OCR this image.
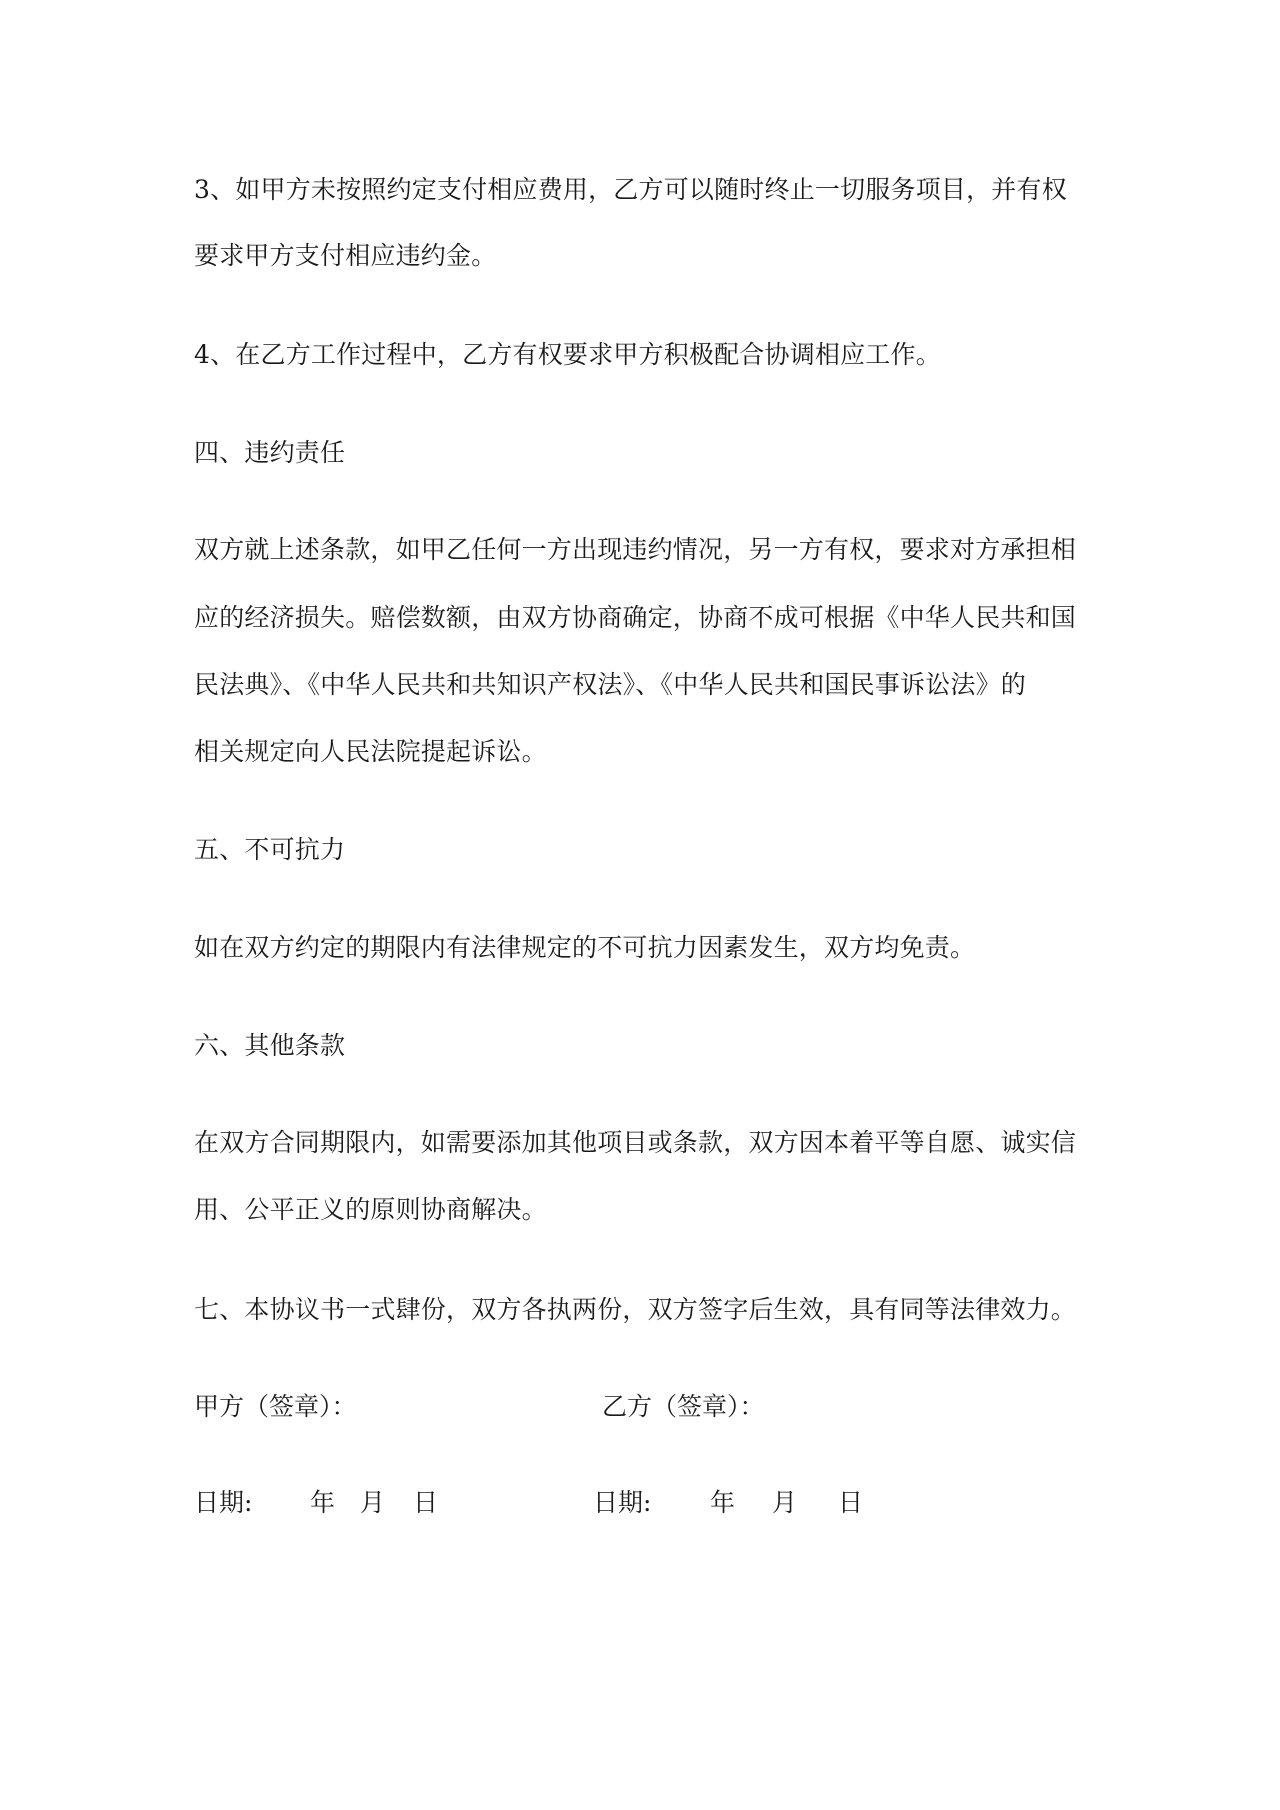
3、如甲方未按照约定支付相应费用，乙方可以随时终止一切服务项目，并有权

要求甲方支付相应违约金。

4、在乙方工作过程中，乙方有权要求甲方积极配合协调相应工作。

四、违约责任

双方就上述条款，如甲乙任何一方出现违约情况，另一方有权，要求对方承担相

应的经济损失。赔偿数额，由双方协商确定，协商不成可根据《中华人民共和国

民法典》、《中华人民共和共知识产权法》、《中华人民共和国民事诉讼法》的

相关规定向人民法院提起诉讼。

五、不可抗力

如在双方约定的期限内有法律规定的不可抗力因素发生，双方均免责。

六、其他条款

在双方合同期限内，如需要添加其他项目或条款，双方因本着平等自愿、诚实信

用、公平正义的原则协商解决。

七、本协议书一式肆份，双方各执两份，双方签字后生效，具有同等法律效力。

甲方（签章）：	乙方（签章）：

日期: 年 月 日	日期: 年 月 日
